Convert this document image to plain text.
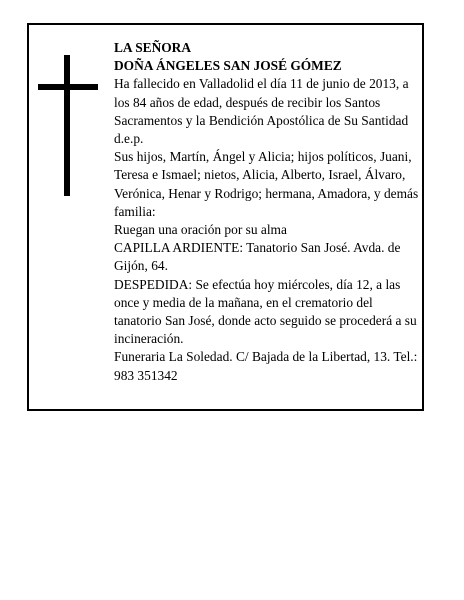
LA SEÑORA

DOÑA ÁNGELES SAN JOSÉ GÓMEZ

Ha fallecido en Valladolid el día 11 de junio de 2013, a los 84 años de edad, después de recibir los Santos Sacramentos y la Bendición Apostólica de Su Santidad d.e.p.

Sus hijos, Martín, Ángel y Alicia; hijos políticos, Juani, Teresa e Ismael; nietos, Alicia, Alberto, Israel, Álvaro, Verónica, Henar y Rodrigo; hermana, Amadora, y demás familia:

Ruegan una oración por su alma

CAPILLA ARDIENTE: Tanatorio San José. Avda. de Gijón, 64.

DESPEDIDA: Se efectúa hoy miércoles, día 12, a las once y media de la mañana, en el crematorio del tanatorio San José, donde acto seguido se procederá a su incineración.

Funeraria La Soledad. C/ Bajada de la Libertad, 13. Tel.: 983 351342
